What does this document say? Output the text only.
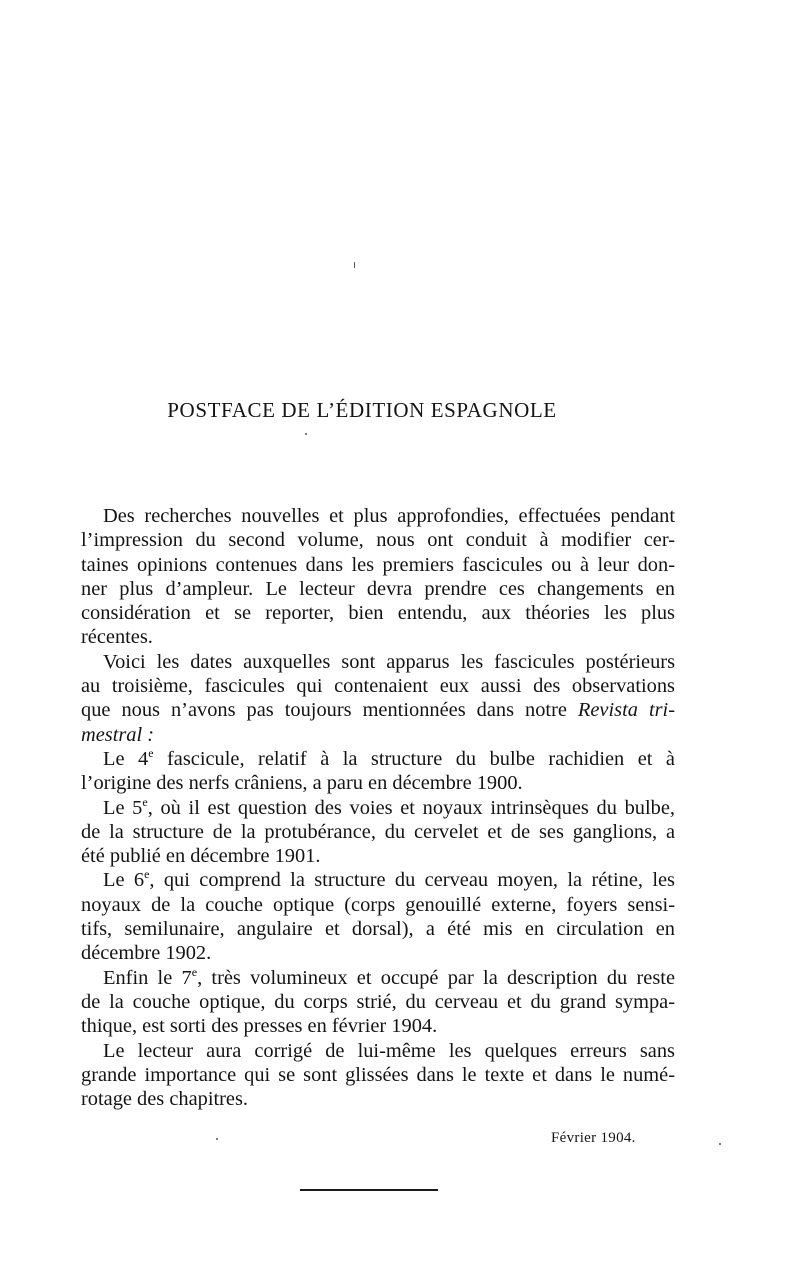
POSTFACE DE L’ÉDITION ESPAGNOLE

Des recherches nouvelles et plus approfondies, effectuées pendant
l’impression du second volume, nous ont conduit à modifier cer-
taines opinions contenues dans les premiers fascicules ou à leur don-
ner plus d’ampleur. Le lecteur devra prendre ces changements en
considération et se reporter, bien entendu, aux théories les plus
récentes.

Voici les dates auxquelles sont apparus les fascicules postérieurs
au troisième, fascicules qui contenaient eux aussi des observations
que nous n’avons pas toujours mentionnées dans notre Revista tri-
mestral :

Le 4e fascicule, relatif à la structure du bulbe rachidien et à
l’origine des nerfs crâniens, a paru en décembre 1900.

Le 5e, où il est question des voies et noyaux intrinsèques du bulbe,
de la structure de la protubérance, du cervelet et de ses ganglions, a
été publié en décembre 1901.

Le 6e, qui comprend la structure du cerveau moyen, la rétine, les
noyaux de la couche optique (corps genouillé externe, foyers sensi-
tifs, semilunaire, angulaire et dorsal), a été mis en circulation en
décembre 1902.

Enfin le 7e, très volumineux et occupé par la description du reste
de la couche optique, du corps strié, du cerveau et du grand sympa-
thique, est sorti des presses en février 1904.

Le lecteur aura corrigé de lui-même les quelques erreurs sans
grande importance qui se sont glissées dans le texte et dans le numé-
rotage des chapitres.

Février 1904.
